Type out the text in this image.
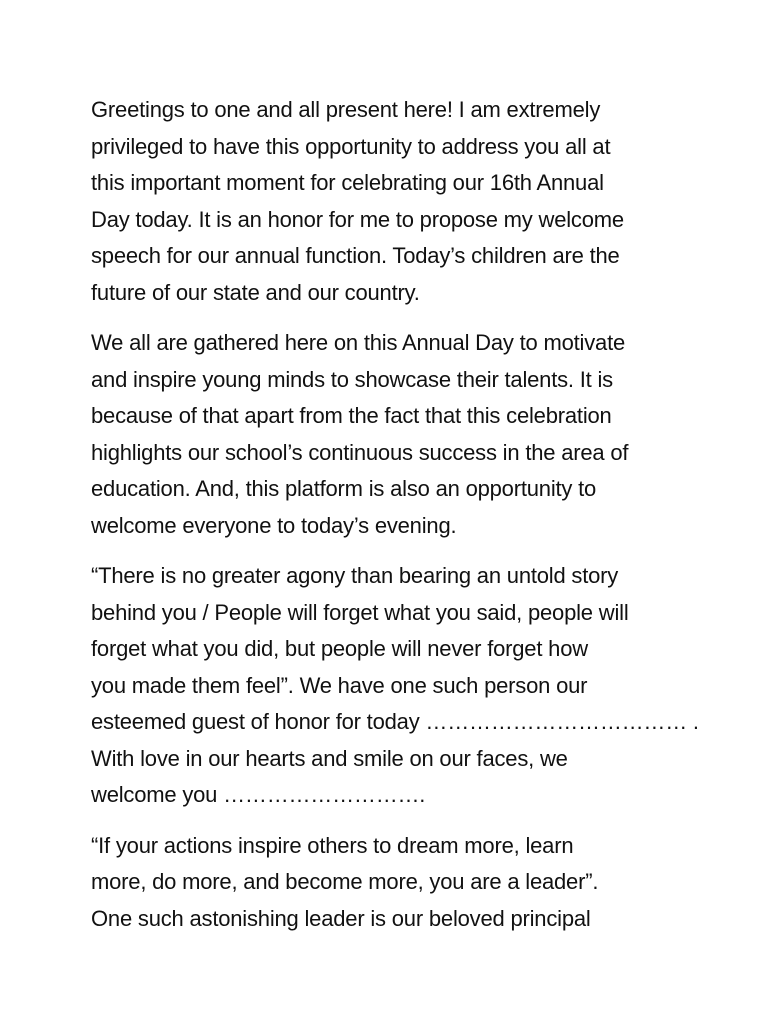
Greetings to one and all present here! I am extremely
privileged to have this opportunity to address you all at
this important moment for celebrating our 16th Annual
Day today. It is an honor for me to propose my welcome
speech for our annual function. Today’s children are the
future of our state and our country.

We all are gathered here on this Annual Day to motivate
and inspire young minds to showcase their talents. It is
because of that apart from the fact that this celebration
highlights our school’s continuous success in the area of
education. And, this platform is also an opportunity to
welcome everyone to today’s evening.

“There is no greater agony than bearing an untold story
behind you / People will forget what you said, people will
forget what you did, but people will never forget how
you made them feel”. We have one such person our
esteemed guest of honor for today ……………………………… .
With love in our hearts and smile on our faces, we
welcome you ……………………….

“If your actions inspire others to dream more, learn
more, do more, and become more, you are a leader”.
One such astonishing leader is our beloved principal
